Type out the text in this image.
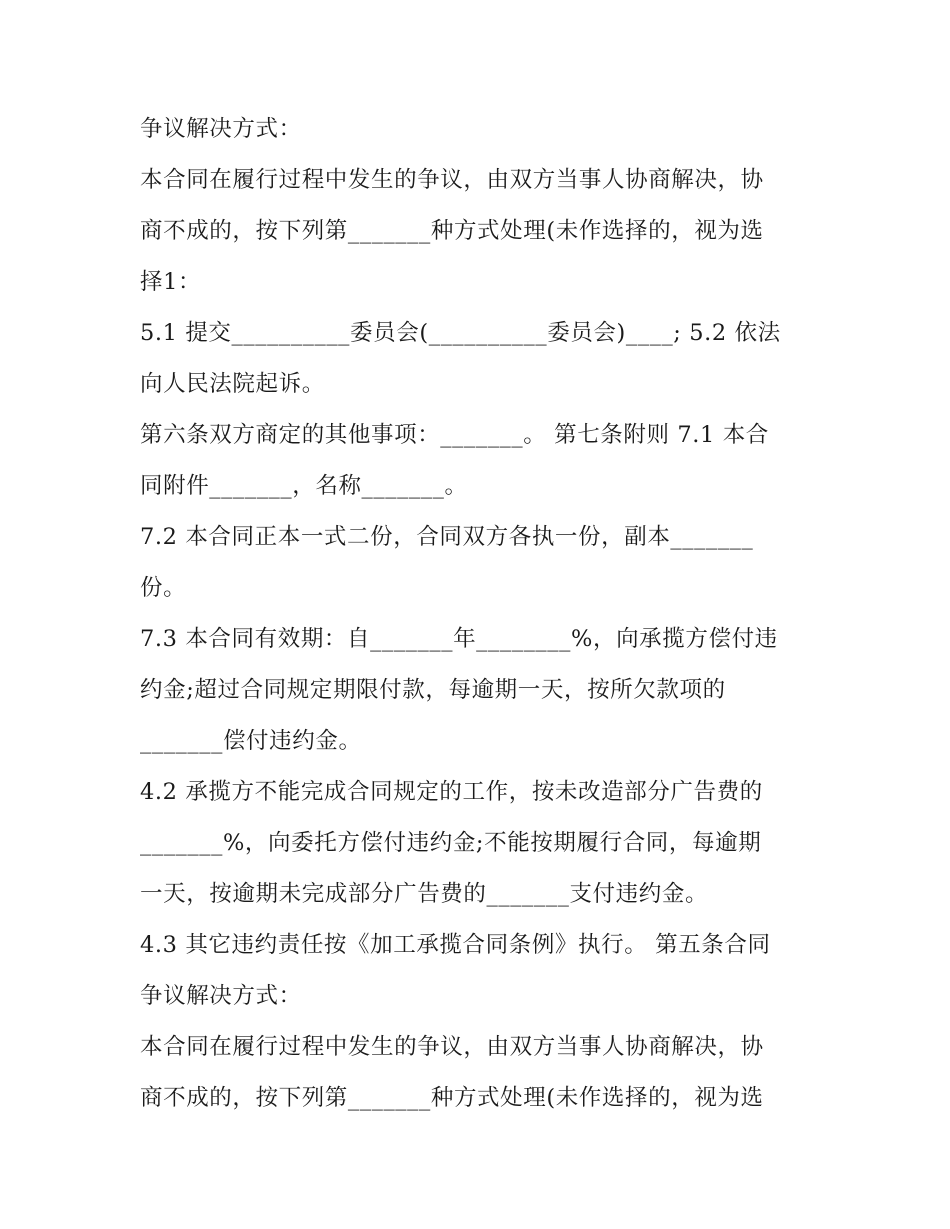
争议解决方式：
本合同在履行过程中发生的争议，由双方当事人协商解决，协
商不成的，按下列第_______种方式处理(未作选择的，视为选
择1：
5.1 提交__________委员会(__________委员会)____; 5.2 依法
向人民法院起诉。
第六条双方商定的其他事项：_______。 第七条附则 7.1 本合
同附件_______，名称_______。
7.2 本合同正本一式二份，合同双方各执一份，副本_______
份。
7.3 本合同有效期：自_______年________%，向承揽方偿付违
约金;超过合同规定期限付款，每逾期一天，按所欠款项的
_______偿付违约金。
4.2 承揽方不能完成合同规定的工作，按未改造部分广告费的
_______%，向委托方偿付违约金;不能按期履行合同，每逾期
一天，按逾期未完成部分广告费的_______支付违约金。
4.3 其它违约责任按《加工承揽合同条例》执行。 第五条合同
争议解决方式：
本合同在履行过程中发生的争议，由双方当事人协商解决，协
商不成的，按下列第_______种方式处理(未作选择的，视为选
